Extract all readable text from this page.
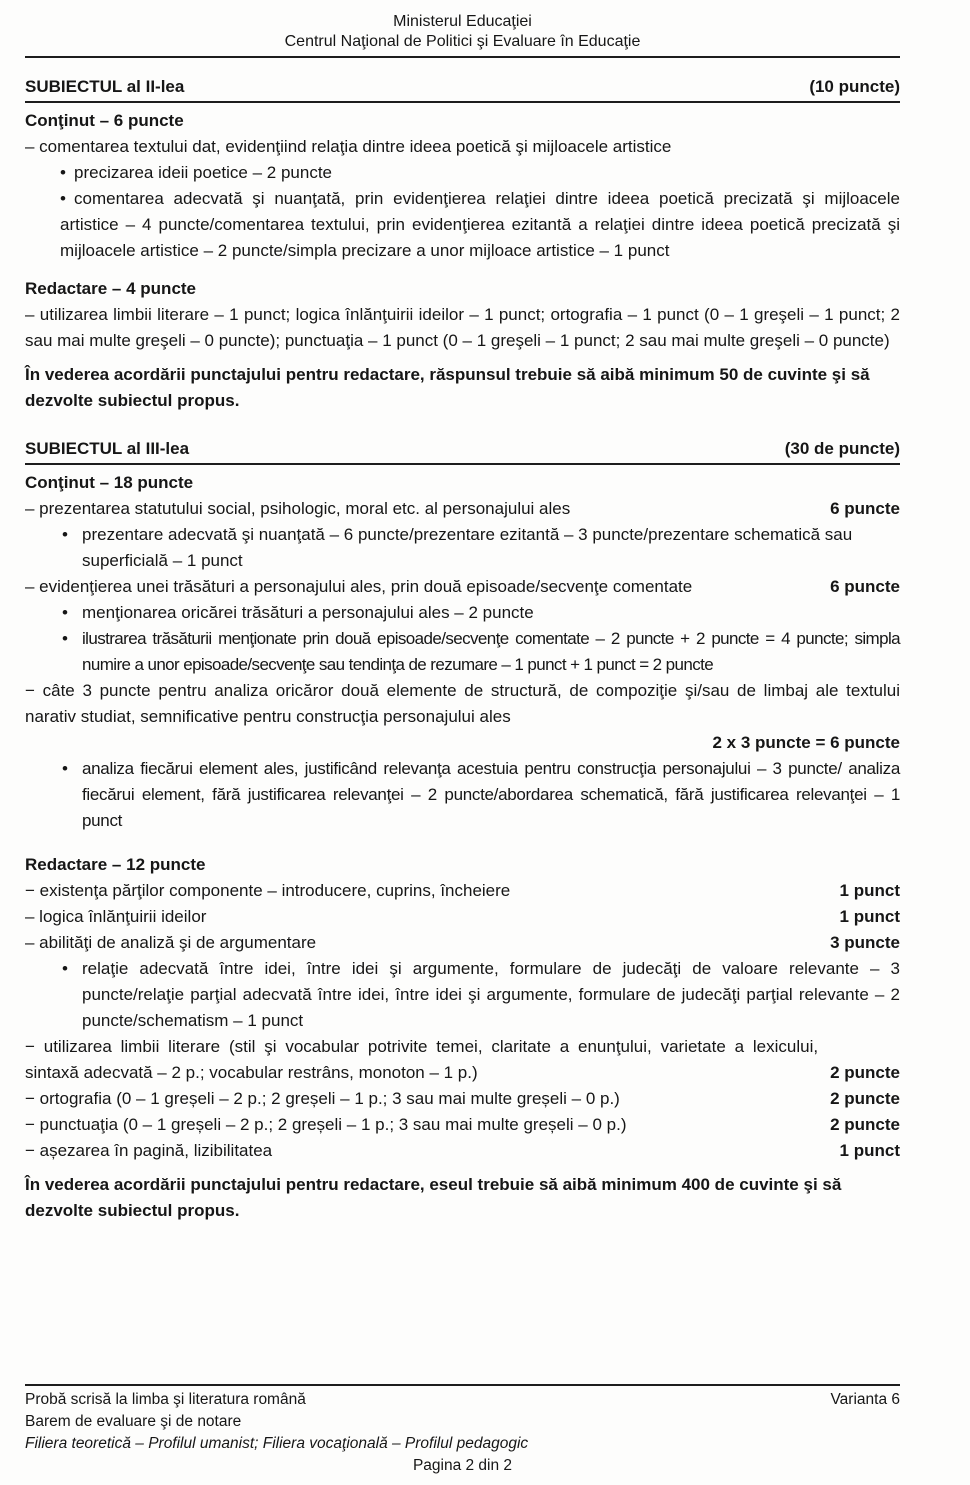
Ministerul Educaţiei
Centrul Naţional de Politici şi Evaluare în Educaţie
SUBIECTUL al II-lea	(10 puncte)
Conţinut – 6 puncte

– comentarea textului dat, evidenţiind relaţia dintre ideea poetică şi mijloacele artistice

• precizarea ideii poetice – 2 puncte
• comentarea adecvată şi nuanţată, prin evidenţierea relaţiei dintre ideea poetică precizată şi mijloacele artistice – 4 puncte/comentarea textului, prin evidenţierea ezitantă a relaţiei dintre ideea poetică precizată şi mijloacele artistice – 2 puncte/simpla precizare a unor mijloace artistice – 1 punct
Redactare – 4 puncte

– utilizarea limbii literare – 1 punct; logica înlănţuirii ideilor – 1 punct; ortografia – 1 punct (0 – 1 greşeli – 1 punct; 2 sau mai multe greşeli – 0 puncte); punctuaţia – 1 punct (0 – 1 greşeli – 1 punct; 2 sau mai multe greşeli – 0 puncte)

În vederea acordării punctajului pentru redactare, răspunsul trebuie să aibă minimum 50 de cuvinte şi să dezvolte subiectul propus.

SUBIECTUL al III-lea	(30 de puncte)
Conţinut – 18 puncte
– prezentarea statutului social, psihologic, moral etc. al personajului ales	6 puncte
• prezentare adecvată şi nuanţată – 6 puncte/prezentare ezitantă – 3 puncte/prezentare schematică sau superficială – 1 punct
– evidenţierea unei trăsături a personajului ales, prin două episoade/secvenţe comentate	6 puncte
• menţionarea oricărei trăsături a personajului ales – 2 puncte
• ilustrarea trăsăturii menţionate prin două episoade/secvenţe comentate – 2 puncte + 2 puncte = 4 puncte; simpla numire a unor episoade/secvenţe sau tendinţa de rezumare – 1 punct + 1 punct = 2 puncte

− câte 3 puncte pentru analiza oricăror două elemente de structură, de compoziţie şi/sau de limbaj ale textului narativ studiat, semnificative pentru construcţia personajului ales

2 x 3 puncte = 6 puncte
• analiza fiecărui element ales, justificând relevanţa acestuia pentru construcţia personajului – 3 puncte/ analiza fiecărui element, fără justificarea relevanţei – 2 puncte/abordarea schematică, fără justificarea relevanţei – 1 punct
Redactare – 12 puncte
− existenţa părţilor componente – introducere, cuprins, încheiere	1 punct
– logica înlănţuirii ideilor	1 punct
– abilităţi de analiză şi de argumentare	3 puncte
• relaţie adecvată între idei, între idei şi argumente, formulare de judecăţi de valoare relevante – 3 puncte/relaţie parţial adecvată între idei, între idei şi argumente, formulare de judecăţi parţial relevante – 2 puncte/schematism – 1 punct
− utilizarea limbii literare (stil şi vocabular potrivite temei, claritate a enunţului, varietate a lexicului, sintaxă adecvată – 2 p.; vocabular restrâns, monoton – 1 p.)	2 puncte
− ortografia (0 – 1 greșeli – 2 p.; 2 greșeli – 1 p.; 3 sau mai multe greșeli – 0 p.)	2 puncte
− punctuaţia (0 – 1 greșeli – 2 p.; 2 greșeli – 1 p.; 3 sau mai multe greșeli – 0 p.)	2 puncte
− așezarea în pagină, lizibilitatea	1 punct

În vederea acordării punctajului pentru redactare, eseul trebuie să aibă minimum 400 de cuvinte şi să dezvolte subiectul propus.

Probă scrisă la limba şi literatura română	Varianta 6
Barem de evaluare şi de notare
Filiera teoretică – Profilul umanist; Filiera vocaţională – Profilul pedagogic
Pagina 2 din 2
